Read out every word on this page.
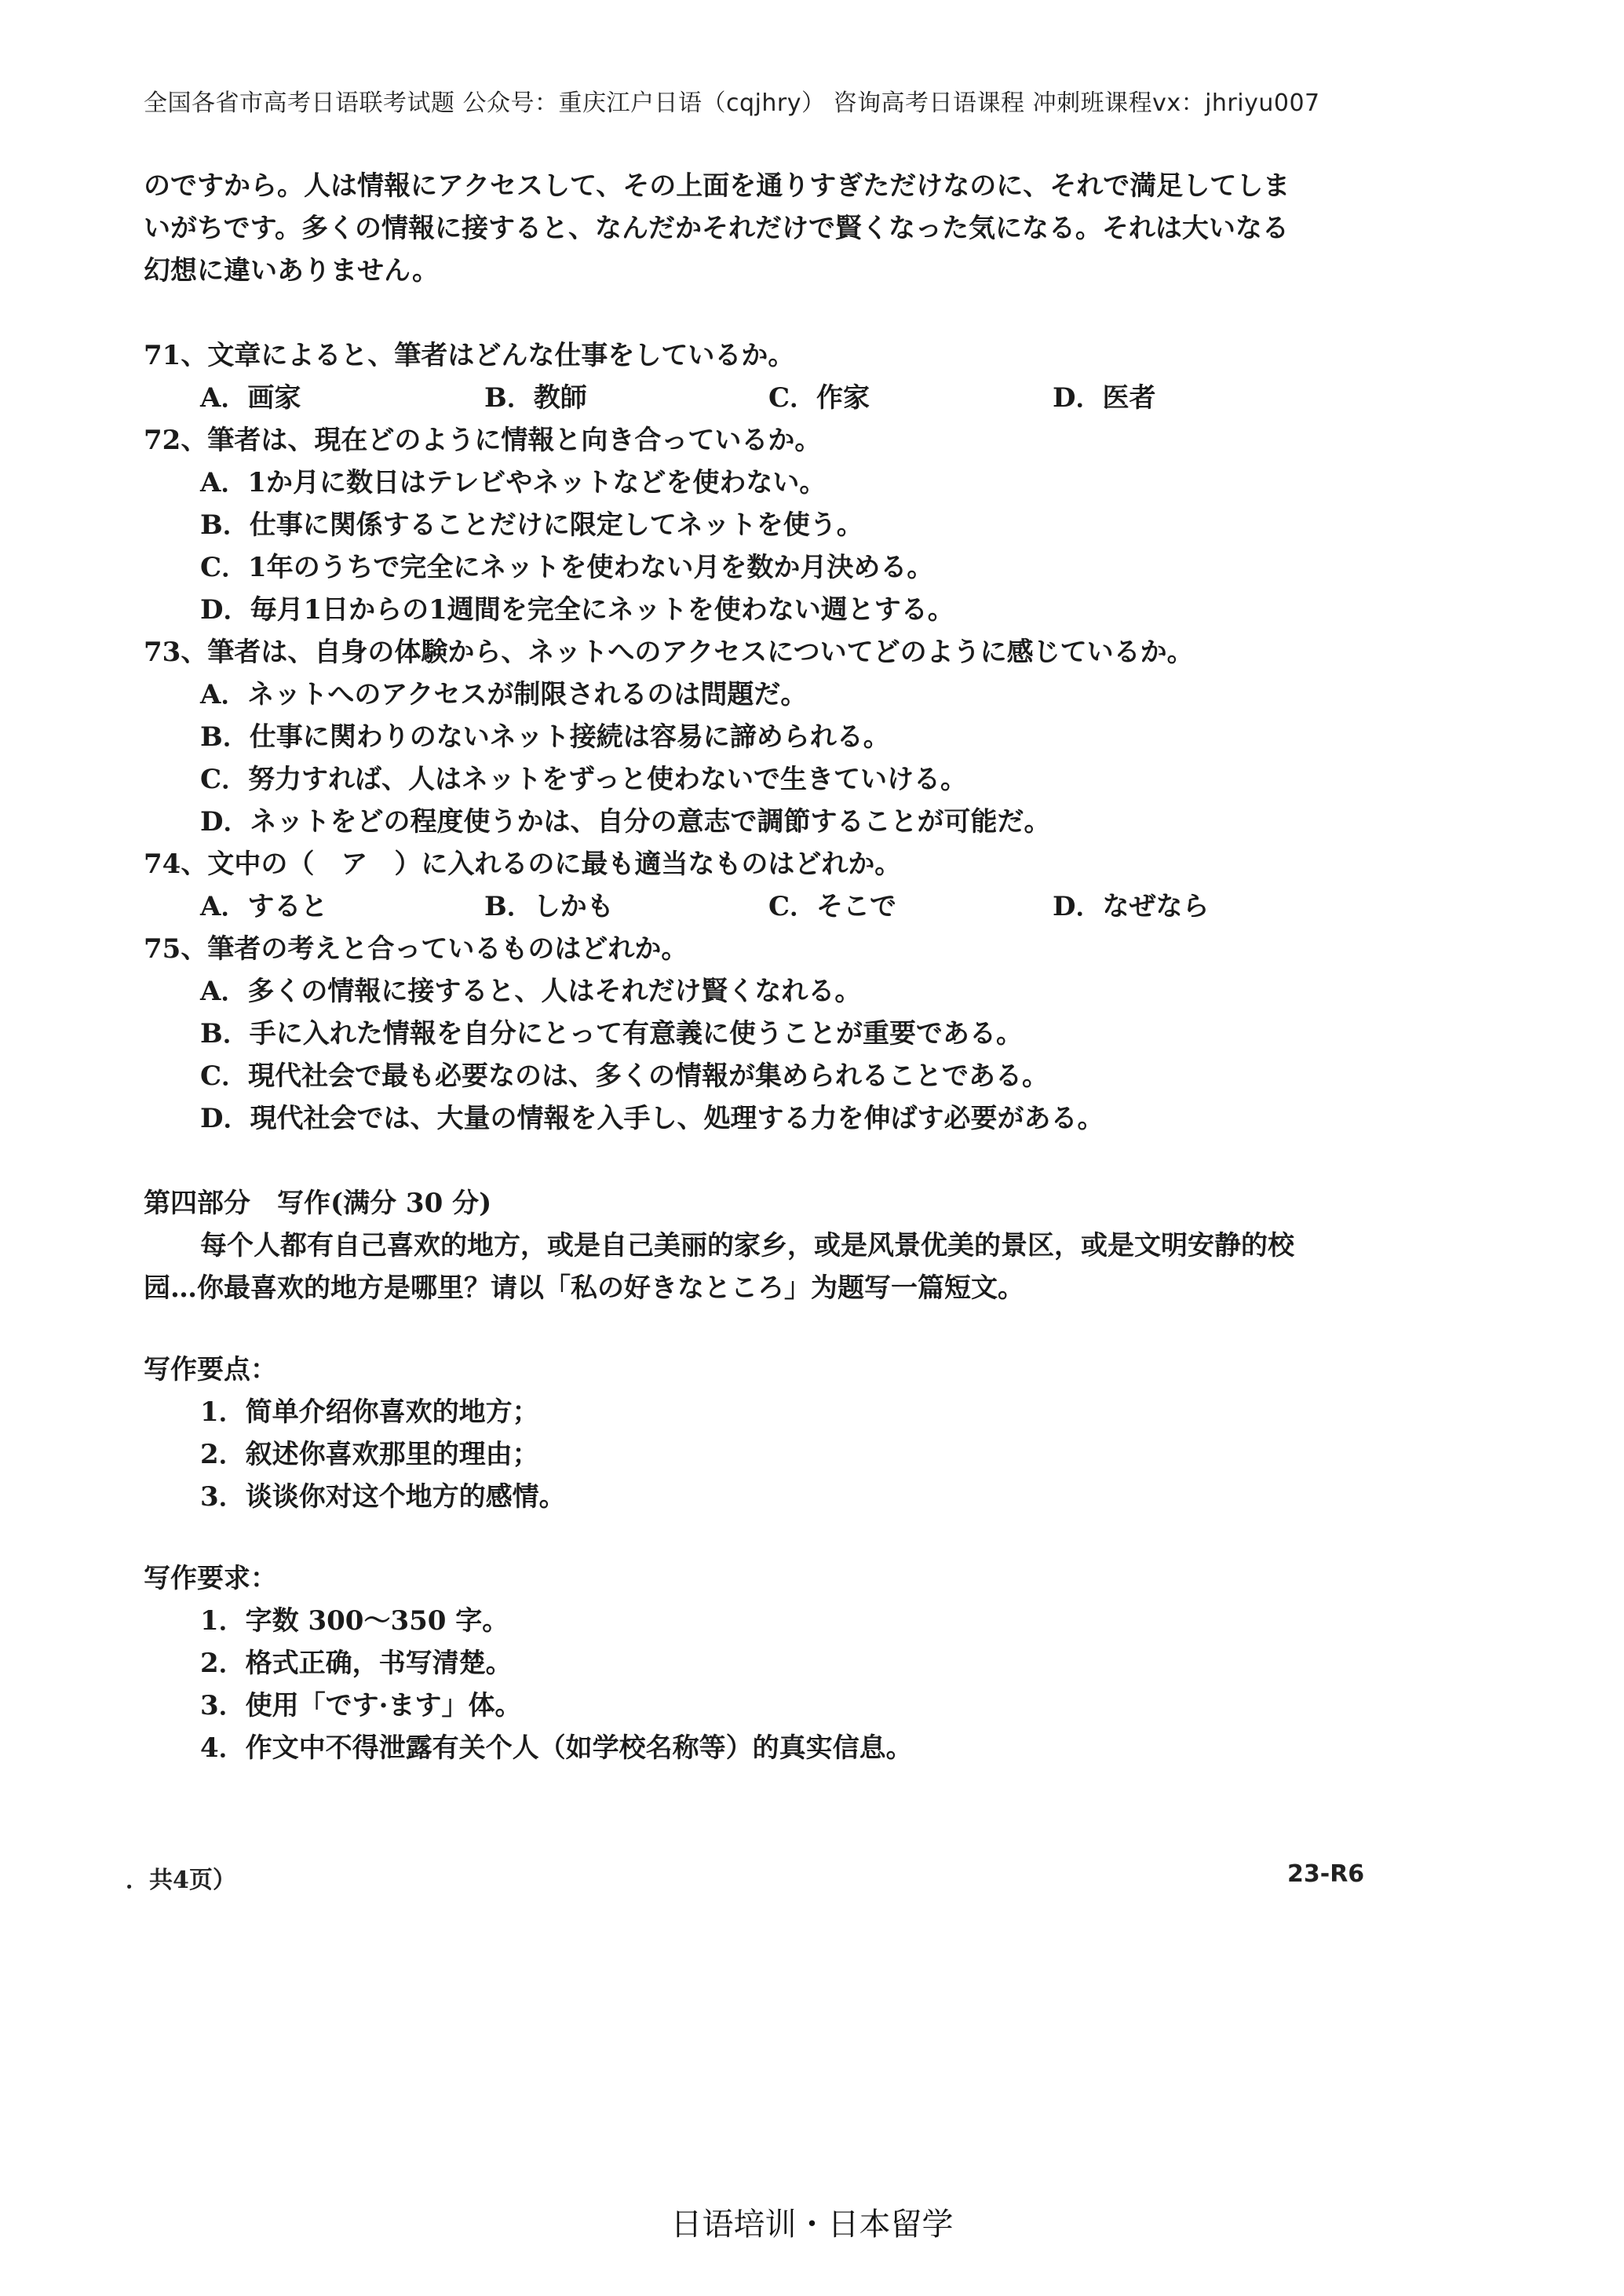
全国各省市高考日语联考试题 公众号：重庆江户日语（cqjhry） 咨询高考日语课程 冲刺班课程vx：jhriyu007

のですから。人は情報にアクセスして、その上面を通りすぎただけなのに、それで満足してしま

いがちです。多くの情報に接すると、なんだかそれだけで賢くなった気になる。それは大いなる

幻想に違いありません。

71、文章によると、筆者はどんな仕事をしているか。

A．画家	B．教師	C．作家	D．医者

72、筆者は、現在どのように情報と向き合っているか。

A．1か月に数日はテレビやネットなどを使わない。

B．仕事に関係することだけに限定してネットを使う。

C．1年のうちで完全にネットを使わない月を数か月決める。

D．毎月1日からの1週間を完全にネットを使わない週とする。

73、筆者は、自身の体験から、ネットへのアクセスについてどのように感じているか。

A．ネットへのアクセスが制限されるのは問題だ。

B．仕事に関わりのないネット接続は容易に諦められる。

C．努力すれば、人はネットをずっと使わないで生きていける。

D．ネットをどの程度使うかは、自分の意志で調節することが可能だ。

74、文中の（　ア　）に入れるのに最も適当なものはどれか。

A．すると	B．しかも	C．そこで	D．なぜなら

75、筆者の考えと合っているものはどれか。

A．多くの情報に接すると、人はそれだけ賢くなれる。

B．手に入れた情報を自分にとって有意義に使うことが重要である。

C．現代社会で最も必要なのは、多くの情報が集められることである。

D．現代社会では、大量の情報を入手し、処理する力を伸ばす必要がある。

第四部分　写作(满分 30 分)

每个人都有自己喜欢的地方，或是自己美丽的家乡，或是风景优美的景区，或是文明安静的校

园…你最喜欢的地方是哪里？请以「私の好きなところ」为题写一篇短文。

写作要点：

1．简单介绍你喜欢的地方；

2．叙述你喜欢那里的理由；

3．谈谈你对这个地方的感情。

写作要求：

1．字数 300～350 字。

2．格式正确，书写清楚。

3．使用「です·ます」体。

4．作文中不得泄露有关个人（如学校名称等）的真实信息。

．共4页）	23-R6
日语培训・日本留学
